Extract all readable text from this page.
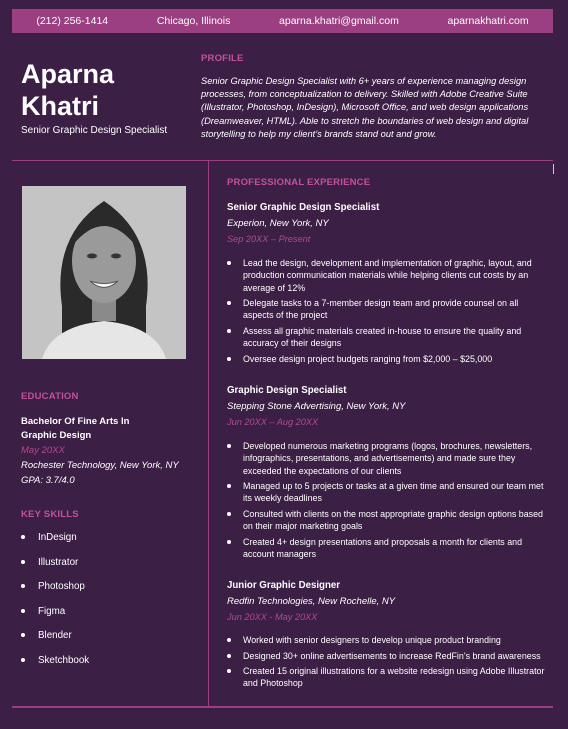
(212) 256-1414	Chicago, Illinois	aparna.khatri@gmail.com	aparnakhatri.com
Aparna
Khatri
Senior Graphic Design Specialist
PROFILE
Senior Graphic Design Specialist with 6+ years of experience managing design processes, from conceptualization to delivery. Skilled with Adobe Creative Suite (Illustrator, Photoshop, InDesign), Microsoft Office, and web design applications (Dreamweaver, HTML). Able to stretch the boundaries of web design and digital storytelling to help my client’s brands stand out and grow.
EDUCATION
Bachelor Of Fine Arts In
Graphic Design
May 20XX
Rochester Technology, New York, NY
GPA: 3.7/4.0
KEY SKILLS
InDesign
Illustrator
Photoshop
Figma
Blender
Sketchbook
PROFESSIONAL EXPERIENCE
Senior Graphic Design Specialist
Experion, New York, NY
Sep 20XX – Present
Lead the design, development and implementation of graphic, layout, and production communication materials while helping clients cut costs by an average of 12%
Delegate tasks to a 7-member design team and provide counsel on all aspects of the project
Assess all graphic materials created in-house to ensure the quality and accuracy of their designs
Oversee design project budgets ranging from $2,000 – $25,000
Graphic Design Specialist
Stepping Stone Advertising, New York, NY
Jun 20XX – Aug 20XX
Developed numerous marketing programs (logos, brochures, newsletters, infographics, presentations, and advertisements) and made sure they exceeded the expectations of our clients
Managed up to 5 projects or tasks at a given time and ensured our team met its weekly deadlines
Consulted with clients on the most appropriate graphic design options based on their major marketing goals
Created 4+ design presentations and proposals a month for clients and account managers
Junior Graphic Designer
Redfin Technologies, New Rochelle, NY
Jun 20XX - May 20XX
Worked with senior designers to develop unique product branding
Designed 30+ online advertisements to increase RedFin’s brand awareness
Created 15 original illustrations for a website redesign using Adobe Illustrator and Photoshop
